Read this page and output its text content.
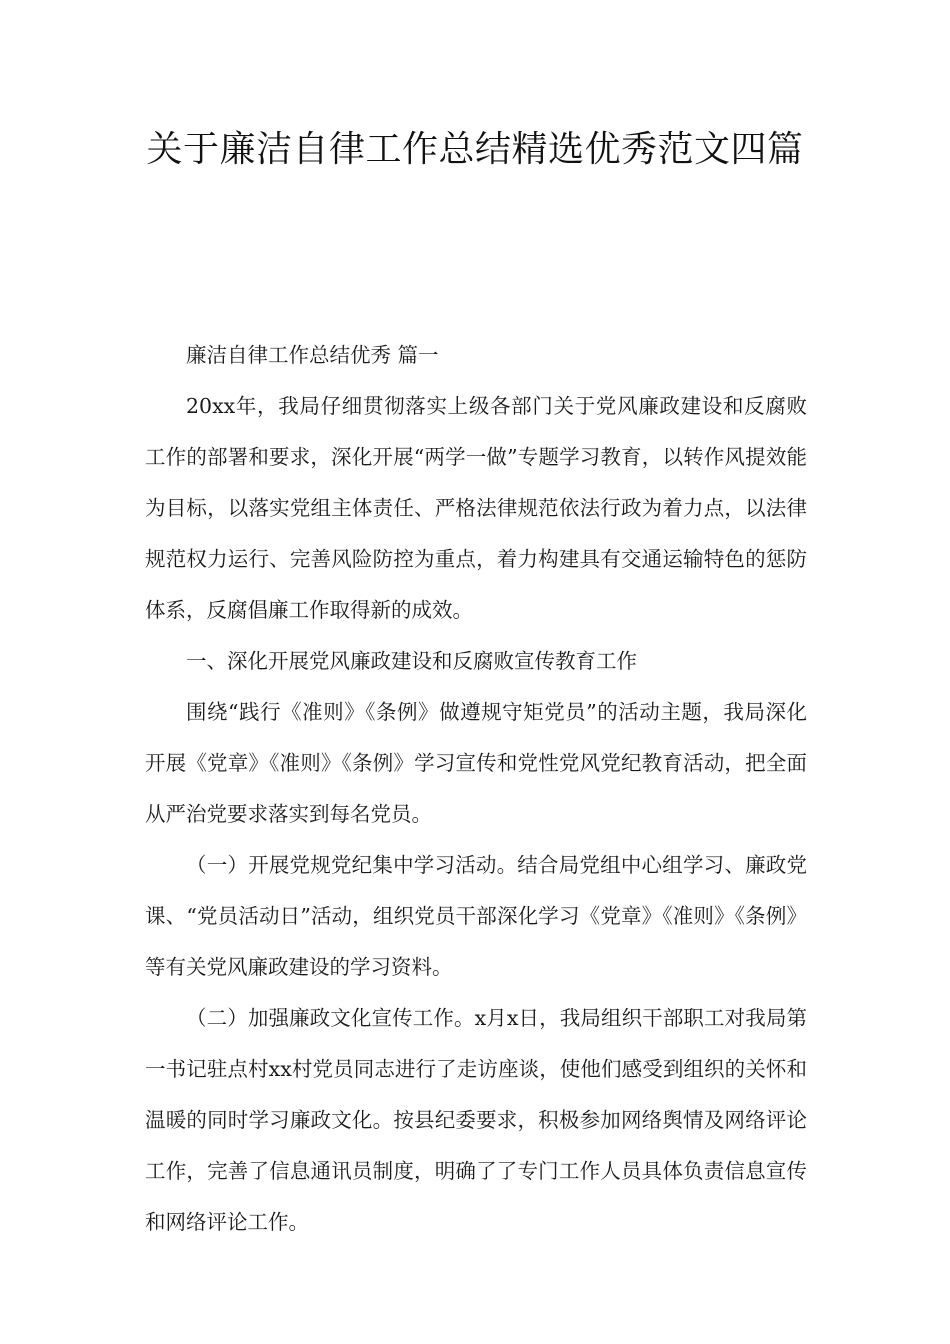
关于廉洁自律工作总结精选优秀范文四篇

廉洁自律工作总结优秀 篇一

20xx年，我局仔细贯彻落实上级各部门关于党风廉政建设和反腐败工作的部署和要求，深化开展“两学一做”专题学习教育，以转作风提效能为目标，以落实党组主体责任、严格法律规范依法行政为着力点，以法律规范权力运行、完善风险防控为重点，着力构建具有交通运输特色的惩防体系，反腐倡廉工作取得新的成效。

一、深化开展党风廉政建设和反腐败宣传教育工作

围绕“践行《准则》《条例》做遵规守矩党员”的活动主题，我局深化开展《党章》《准则》《条例》学习宣传和党性党风党纪教育活动，把全面从严治党要求落实到每名党员。

（一）开展党规党纪集中学习活动。结合局党组中心组学习、廉政党课、“党员活动日”活动，组织党员干部深化学习《党章》《准则》《条例》等有关党风廉政建设的学习资料。

（二）加强廉政文化宣传工作。x月x日，我局组织干部职工对我局第一书记驻点村xx村党员同志进行了走访座谈，使他们感受到组织的关怀和温暖的同时学习廉政文化。按县纪委要求，积极参加网络舆情及网络评论工作，完善了信息通讯员制度，明确了了专门工作人员具体负责信息宣传和网络评论工作。
